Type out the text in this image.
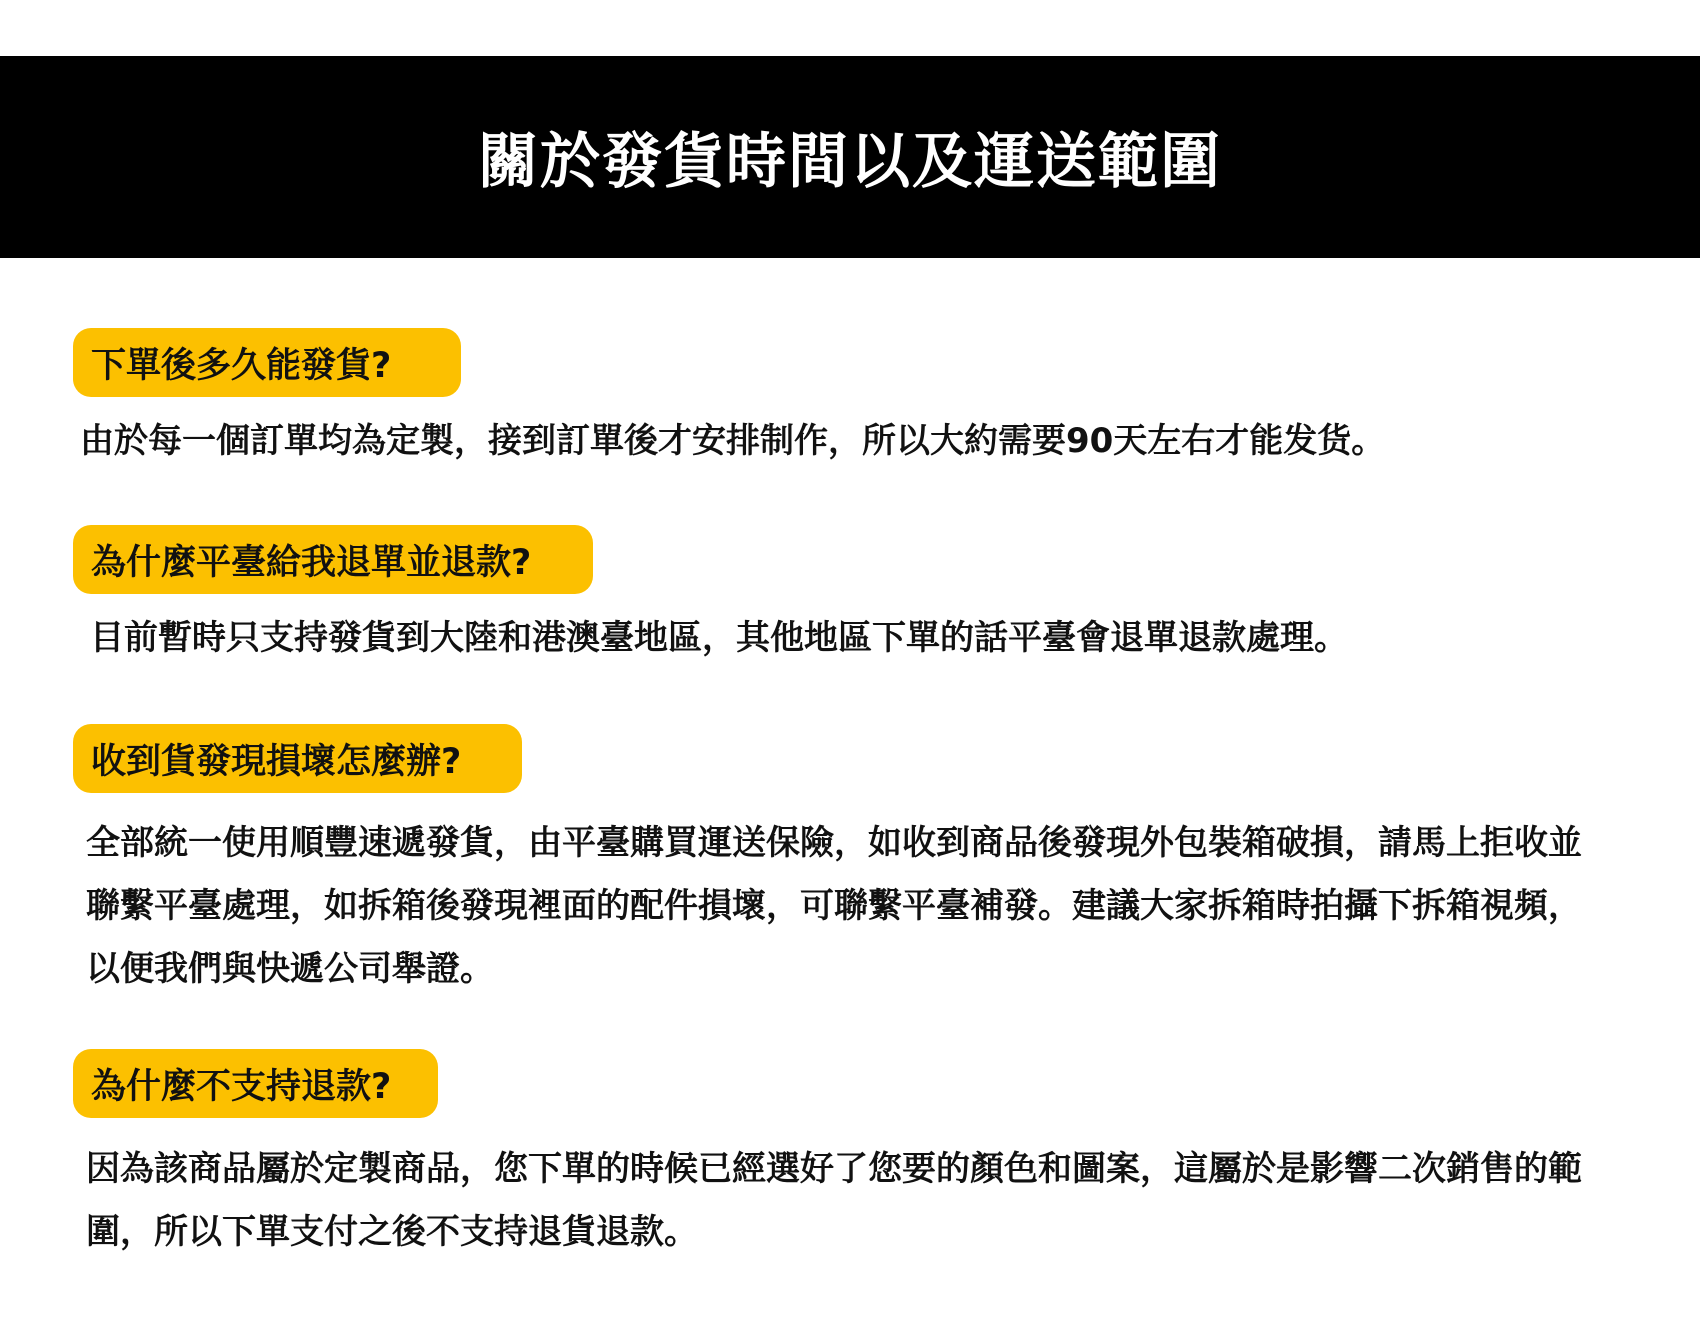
關於發貨時間以及運送範圍
下單後多久能發貨?

由於每一個訂單均為定製，接到訂單後才安排制作，所以大約需要90天左右才能发货。

為什麼平臺給我退單並退款?

目前暫時只支持發貨到大陸和港澳臺地區，其他地區下單的話平臺會退單退款處理。

收到貨發現損壞怎麼辦?

全部統一使用順豐速遞發貨，由平臺購買運送保險，如收到商品後發現外包裝箱破損，請馬上拒收並聯繫平臺處理，如拆箱後發現裡面的配件損壞，可聯繫平臺補發。建議大家拆箱時拍攝下拆箱視頻，以便我們與快遞公司舉證。

為什麼不支持退款?

因為該商品屬於定製商品，您下單的時候已經選好了您要的顏色和圖案，這屬於是影響二次銷售的範圍，所以下單支付之後不支持退貨退款。
